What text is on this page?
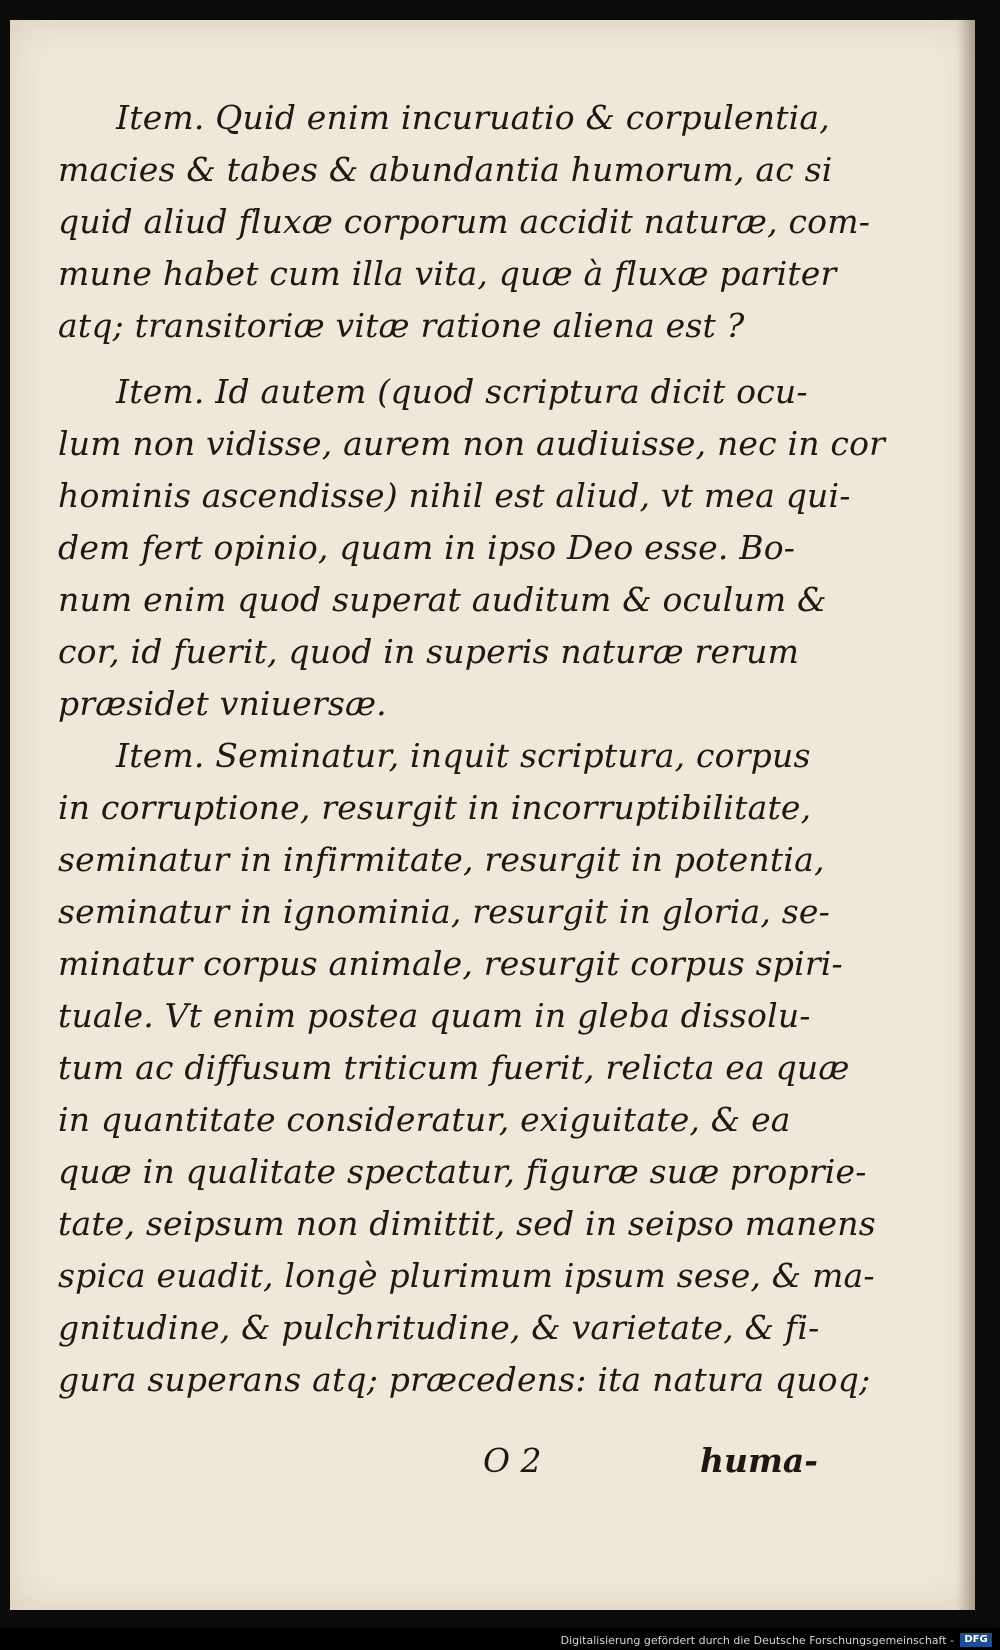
Item. Quid enim incuruatio & corpulentia,
macies & tabes & abundantia humorum, ac si
quid aliud fluxæ corporum accidit naturæ, com-
mune habet cum illa vita, quæ à fluxæ pariter
atq; transitoriæ vitæ ratione aliena est ?
Item. Id autem (quod scriptura dicit ocu-
lum non vidisse, aurem non audiuisse, nec in cor
hominis ascendisse) nihil est aliud, vt mea qui-
dem fert opinio, quam in ipso Deo esse. Bo-
num enim quod superat auditum & oculum &
cor, id fuerit, quod in superis naturæ rerum
præsidet vniuersæ.
Item. Seminatur, inquit scriptura, corpus
in corruptione, resurgit in incorruptibilitate,
seminatur in infirmitate, resurgit in potentia,
seminatur in ignominia, resurgit in gloria, se-
minatur corpus animale, resurgit corpus spiri-
tuale. Vt enim postea quam in gleba dissolu-
tum ac diffusum triticum fuerit, relicta ea quæ
in quantitate consideratur, exiguitate, & ea
quæ in qualitate spectatur, figuræ suæ proprie-
tate, seipsum non dimittit, sed in seipso manens
spica euadit, longè plurimum ipsum sese, & ma-
gnitudine, & pulchritudine, & varietate, & fi-
gura superans atq; præcedens: ita natura quoq;
O 2	huma-
Digitalisierung gefördert durch die Deutsche Forschungsgemeinschaft -	DFG
